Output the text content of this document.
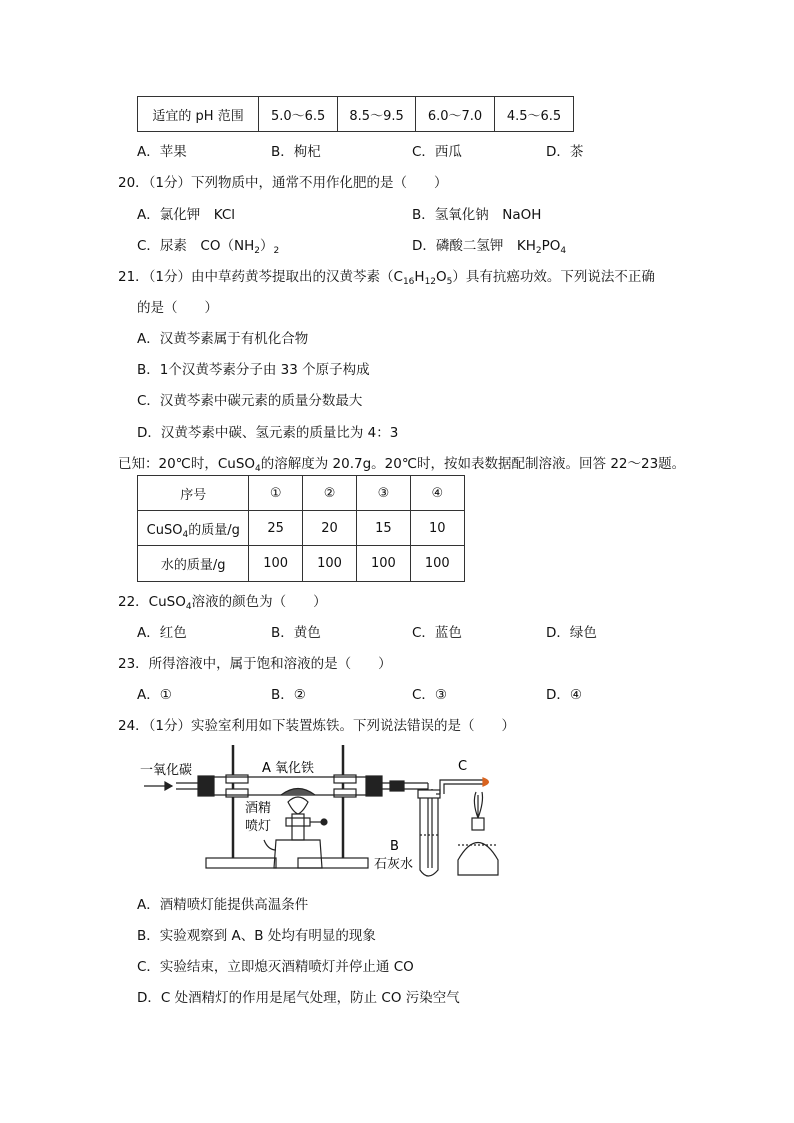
适宜的 pH 范围	5.0～6.5	8.5～9.5	6.0～7.0	4.5～6.5
A．苹果	B．枸杞	C．西瓜	D．茶
20．（1分）下列物质中，通常不用作化肥的是（　　）
A．氯化钾　KCl	B．氢氧化钠　NaOH
C．尿素　$CO(NH_2)_2$	D．磷酸二氢钾　$KH_2PO_4$
21．（1分）由中草药黄芩提取出的汉黄芩素$(C_{16}H_{12}O_5)$具有抗癌功效。下列说法不正确
的是（　　）
A．汉黄芩素属于有机化合物
B．1个汉黄芩素分子由 33 个原子构成
C．汉黄芩素中碳元素的质量分数最大
D．汉黄芩素中碳、氢元素的质量比为 4：3
已知：20℃时，CuSO$_4$的溶解度为 20.7g。20℃时，按如表数据配制溶液。回答 22～23题。
序号	①	②	③	④
CuSO$_4$的质量/g	25	20	15	10
水的质量/g	100	100	100	100
22．CuSO$_4$溶液的颜色为（　　）
A．红色	B．黄色	C．蓝色	D．绿色
23．所得溶液中，属于饱和溶液的是（　　）
A．①	B．②	C．③	D．④
24．（1分）实验室利用如下装置炼铁。下列说法错误的是（　　）
一氧化碳	A 氧化铁
酒精
喷灯
B
石灰水
C
A．酒精喷灯能提供高温条件
B．实验观察到 A、B 处均有明显的现象
C．实验结束，立即熄灭酒精喷灯并停止通 CO
D．C 处酒精灯的作用是尾气处理，防止 CO 污染空气
